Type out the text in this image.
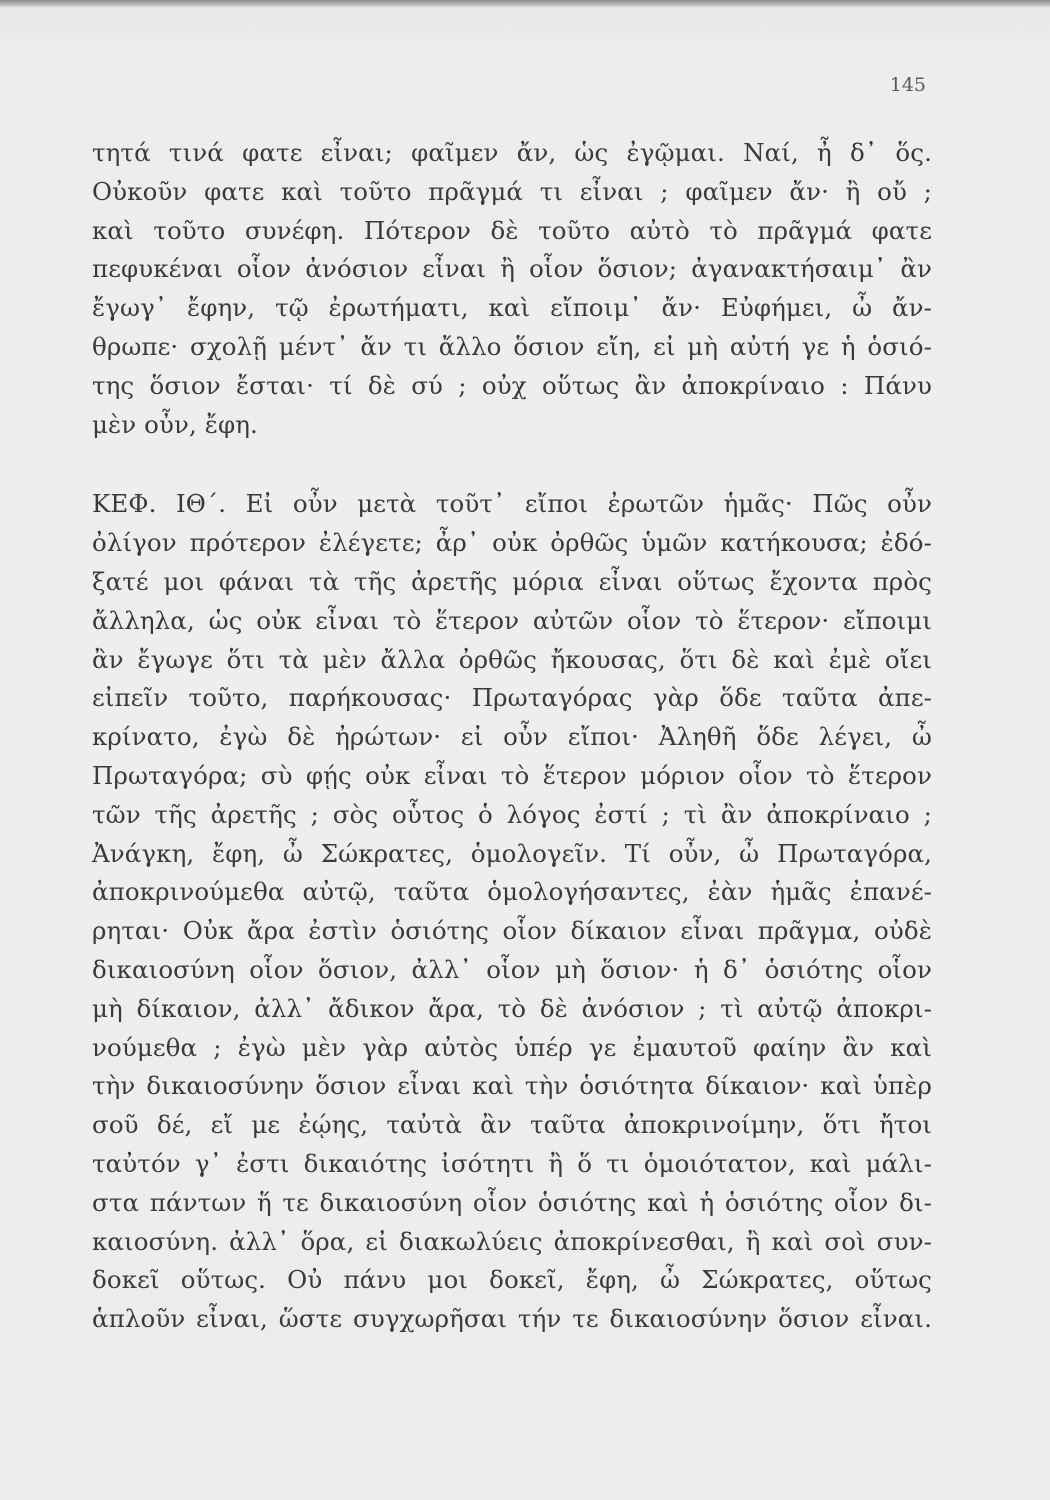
145
τητά τινά φατε εἶναι; φαῖμεν ἄν, ὡς ἐγῷμαι. Ναί, ἦ δ᾽ ὅς.
Οὐκοῦν φατε καὶ τοῦτο πρᾶγμά τι εἶναι ; φαῖμεν ἄν· ἢ οὔ ;
καὶ τοῦτο συνέφη. Πότερον δὲ τοῦτο αὐτὸ τὸ πρᾶγμά φατε
πεφυκέναι οἷον ἀνόσιον εἶναι ἢ οἷον ὅσιον; ἀγανακτήσαιμ᾽ ἂν
ἔγωγ᾽ ἔφην, τῷ ἐρωτήματι, καὶ εἴποιμ᾽ ἄν· Εὐφήμει, ὦ ἄν-
θρωπε· σχολῇ μέντ᾽ ἄν τι ἄλλο ὅσιον εἴη, εἰ μὴ αὐτή γε ἡ ὁσιό-
της ὅσιον ἔσται· τί δὲ σύ ; οὐχ οὕτως ἂν ἀποκρίναιο : Πάνυ
μὲν οὖν, ἔφη.
ΚΕΦ. ΙΘ΄. Εἰ οὖν μετὰ τοῦτ᾽ εἴποι ἐρωτῶν ἡμᾶς· Πῶς οὖν
ὀλίγον πρότερον ἐλέγετε; ἆρ᾽ οὐκ ὀρθῶς ὑμῶν κατήκουσα; ἐδό-
ξατέ μοι φάναι τὰ τῆς ἀρετῆς μόρια εἶναι οὕτως ἔχοντα πρὸς
ἄλληλα, ὡς οὐκ εἶναι τὸ ἕτερον αὐτῶν οἷον τὸ ἕτερον· εἴποιμι
ἂν ἔγωγε ὅτι τὰ μὲν ἄλλα ὀρθῶς ἤκουσας, ὅτι δὲ καὶ ἐμὲ οἴει
εἰπεῖν τοῦτο, παρήκουσας· Πρωταγόρας γὰρ ὅδε ταῦτα ἀπε-
κρίνατο, ἐγὼ δὲ ἠρώτων· εἰ οὖν εἴποι· Ἀληθῆ ὅδε λέγει, ὦ
Πρωταγόρα; σὺ φῄς οὐκ εἶναι τὸ ἕτερον μόριον οἷον τὸ ἕτερον
τῶν τῆς ἀρετῆς ; σὸς οὗτος ὁ λόγος ἐστί ; τὶ ἂν ἀποκρίναιο ;
Ἀνάγκη, ἔφη, ὦ Σώκρατες, ὁμολογεῖν. Τί οὖν, ὦ Πρωταγόρα,
ἀποκρινούμεθα αὐτῷ, ταῦτα ὁμολογήσαντες, ἐὰν ἡμᾶς ἐπανέ-
ρηται· Οὐκ ἄρα ἐστὶν ὁσιότης οἷον δίκαιον εἶναι πρᾶγμα, οὐδὲ
δικαιοσύνη οἷον ὅσιον, ἀλλ᾽ οἷον μὴ ὅσιον· ἡ δ᾽ ὁσιότης οἷον
μὴ δίκαιον, ἀλλ᾽ ἄδικον ἄρα, τὸ δὲ ἀνόσιον ; τὶ αὐτῷ ἀποκρι-
νούμεθα ; ἐγὼ μὲν γὰρ αὐτὸς ὑπέρ γε ἐμαυτοῦ φαίην ἂν καὶ
τὴν δικαιοσύνην ὅσιον εἶναι καὶ τὴν ὁσιότητα δίκαιον· καὶ ὑπὲρ
σοῦ δέ, εἴ με ἐῴης, ταὐτὰ ἂν ταῦτα ἀποκρινοίμην, ὅτι ἤτοι
ταὐτόν γ᾽ ἐστι δικαιότης ἰσότητι ἢ ὅ τι ὁμοιότατον, καὶ μάλι-
στα πάντων ἥ τε δικαιοσύνη οἷον ὁσιότης καὶ ἡ ὁσιότης οἷον δι-
καιοσύνη. ἀλλ᾽ ὅρα, εἰ διακωλύεις ἀποκρίνεσθαι, ἢ καὶ σοὶ συν-
δοκεῖ οὕτως. Οὐ πάνυ μοι δοκεῖ, ἔφη, ὦ Σώκρατες, οὕτως
ἁπλοῦν εἶναι, ὥστε συγχωρῆσαι τήν τε δικαιοσύνην ὅσιον εἶναι.
